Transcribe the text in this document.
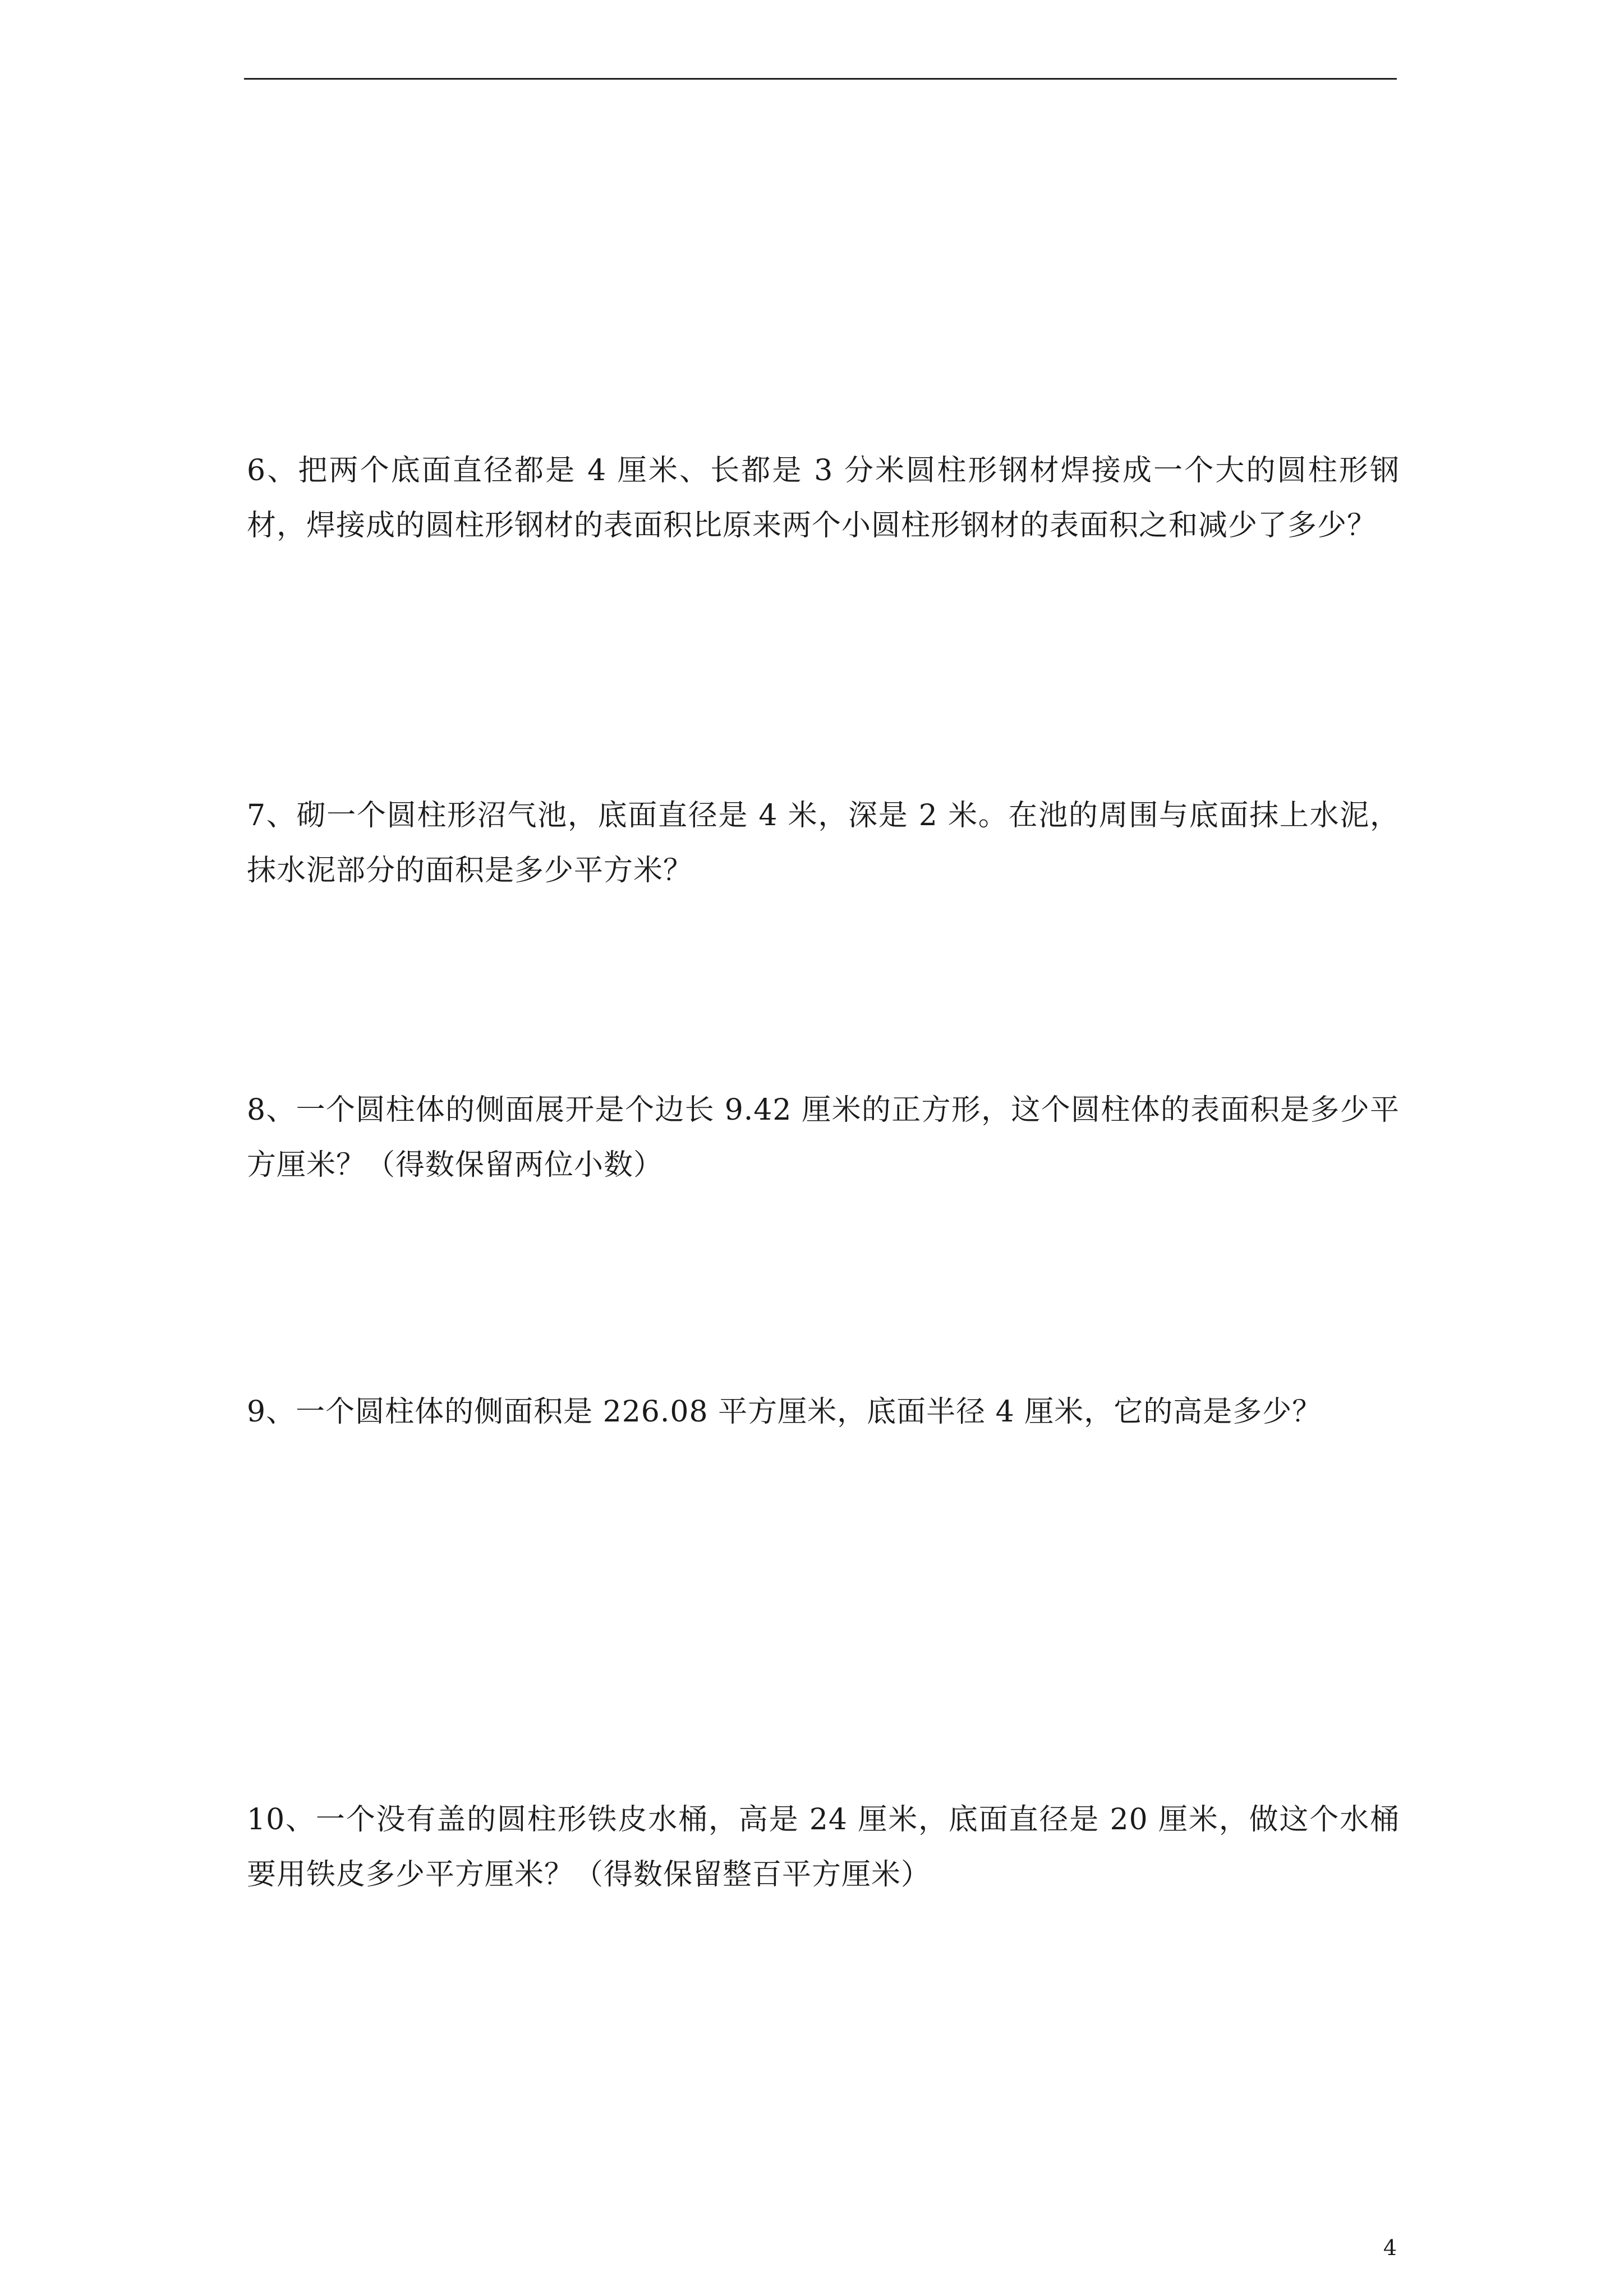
6、把两个底面直径都是 4 厘米、长都是 3 分米圆柱形钢材焊接成一个大的圆柱形钢材，焊接成的圆柱形钢材的表面积比原来两个小圆柱形钢材的表面积之和减少了多少？

7、砌一个圆柱形沼气池，底面直径是 4 米，深是 2 米。在池的周围与底面抹上水泥，抹水泥部分的面积是多少平方米？

8、一个圆柱体的侧面展开是个边长 9.42 厘米的正方形，这个圆柱体的表面积是多少平方厘米？（得数保留两位小数）

9、一个圆柱体的侧面积是 226.08 平方厘米，底面半径 4 厘米，它的高是多少？

10、一个没有盖的圆柱形铁皮水桶，高是 24 厘米，底面直径是 20 厘米，做这个水桶要用铁皮多少平方厘米？（得数保留整百平方厘米）

4
